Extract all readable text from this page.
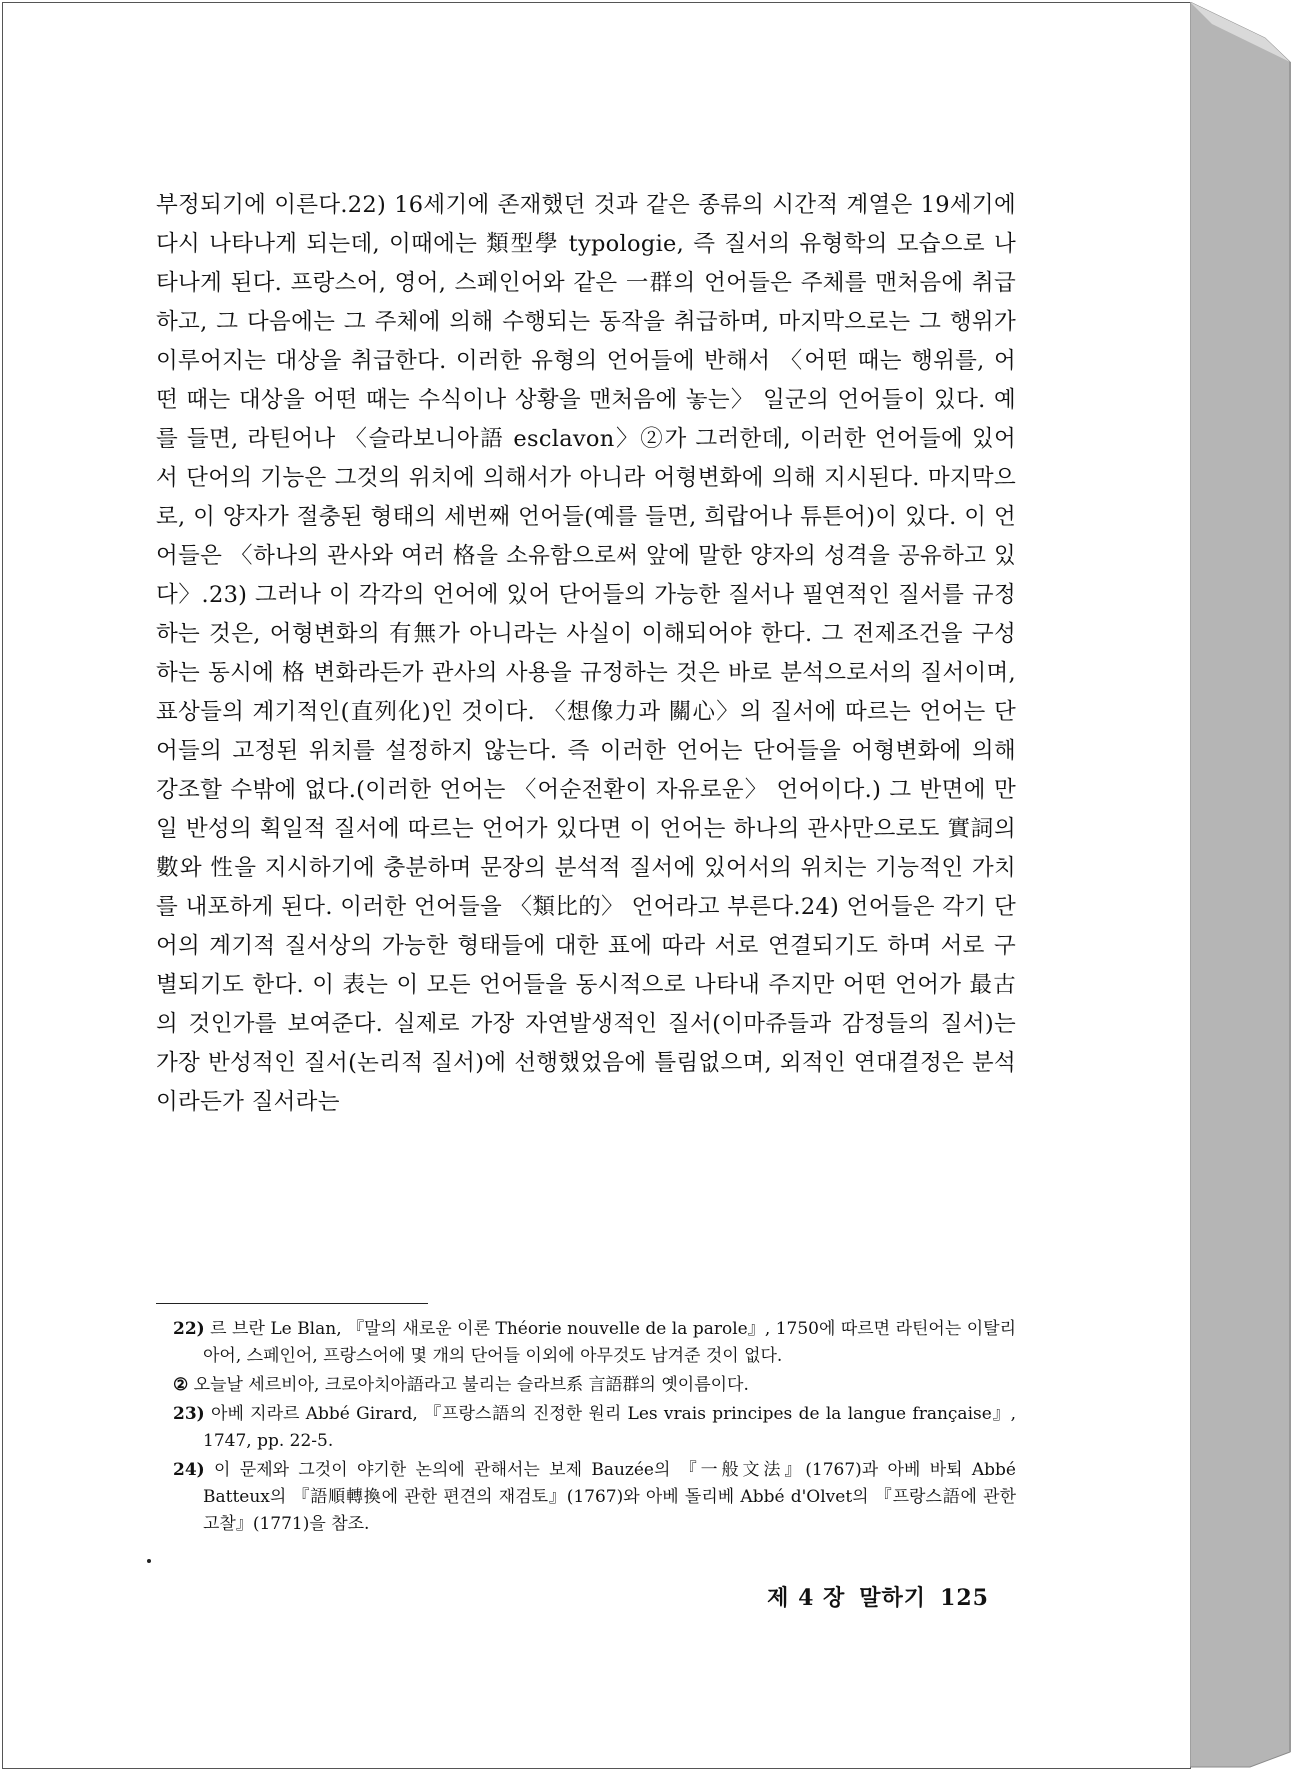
부정되기에 이른다.22) 16세기에 존재했던 것과 같은 종류의 시간적 계열은 19세기에 다시 나타나게 되는데, 이때에는 類型學 typologie, 즉 질서의 유형학의 모습으로 나타나게 된다. 프랑스어, 영어, 스페인어와 같은 一群의 언어들은 주체를 맨처음에 취급하고, 그 다음에는 그 주체에 의해 수행되는 동작을 취급하며, 마지막으로는 그 행위가 이루어지는 대상을 취급한다. 이러한 유형의 언어들에 반해서 〈어떤 때는 행위를, 어떤 때는 대상을 어떤 때는 수식이나 상황을 맨처음에 놓는〉 일군의 언어들이 있다. 예를 들면, 라틴어나 〈슬라보니아語 esclavon〉②가 그러한데, 이러한 언어들에 있어서 단어의 기능은 그것의 위치에 의해서가 아니라 어형변화에 의해 지시된다. 마지막으로, 이 양자가 절충된 형태의 세번째 언어들(예를 들면, 희랍어나 튜튼어)이 있다. 이 언어들은 〈하나의 관사와 여러 格을 소유함으로써 앞에 말한 양자의 성격을 공유하고 있다〉.23) 그러나 이 각각의 언어에 있어 단어들의 가능한 질서나 필연적인 질서를 규정하는 것은, 어형변화의 有無가 아니라는 사실이 이해되어야 한다. 그 전제조건을 구성하는 동시에 格 변화라든가 관사의 사용을 규정하는 것은 바로 분석으로서의 질서이며, 표상들의 계기적인(直列化)인 것이다. 〈想像力과 關心〉의 질서에 따르는 언어는 단어들의 고정된 위치를 설정하지 않는다. 즉 이러한 언어는 단어들을 어형변화에 의해 강조할 수밖에 없다.(이러한 언어는 〈어순전환이 자유로운〉 언어이다.) 그 반면에 만일 반성의 획일적 질서에 따르는 언어가 있다면 이 언어는 하나의 관사만으로도 實詞의 數와 性을 지시하기에 충분하며 문장의 분석적 질서에 있어서의 위치는 기능적인 가치를 내포하게 된다. 이러한 언어들을 〈類比的〉 언어라고 부른다.24) 언어들은 각기 단어의 계기적 질서상의 가능한 형태들에 대한 표에 따라 서로 연결되기도 하며 서로 구별되기도 한다. 이 表는 이 모든 언어들을 동시적으로 나타내 주지만 어떤 언어가 最古의 것인가를 보여준다. 실제로 가장 자연발생적인 질서(이마쥬들과 감정들의 질서)는 가장 반성적인 질서(논리적 질서)에 선행했었음에 틀림없으며, 외적인 연대결정은 분석이라든가 질서라는

22) 르 브란 Le Blan, 『말의 새로운 이론 Théorie nouvelle de la parole』, 1750에 따르면 라틴어는 이탈리아어, 스페인어, 프랑스어에 몇 개의 단어들 이외에 아무것도 남겨준 것이 없다.

② 오늘날 세르비아, 크로아치아語라고 불리는 슬라브系 言語群의 옛이름이다.

23) 아베 지라르 Abbé Girard, 『프랑스語의 진정한 원리 Les vrais principes de la langue française』, 1747, pp. 22-5.

24) 이 문제와 그것이 야기한 논의에 관해서는 보제 Bauzée의 『一般文法』(1767)과 아베 바퇴 Abbé Batteux의 『語順轉換에 관한 편견의 재검토』(1767)와 아베 돌리베 Abbé d'Olvet의 『프랑스語에 관한 고찰』(1771)을 참조.

제 4 장 말하기 125
